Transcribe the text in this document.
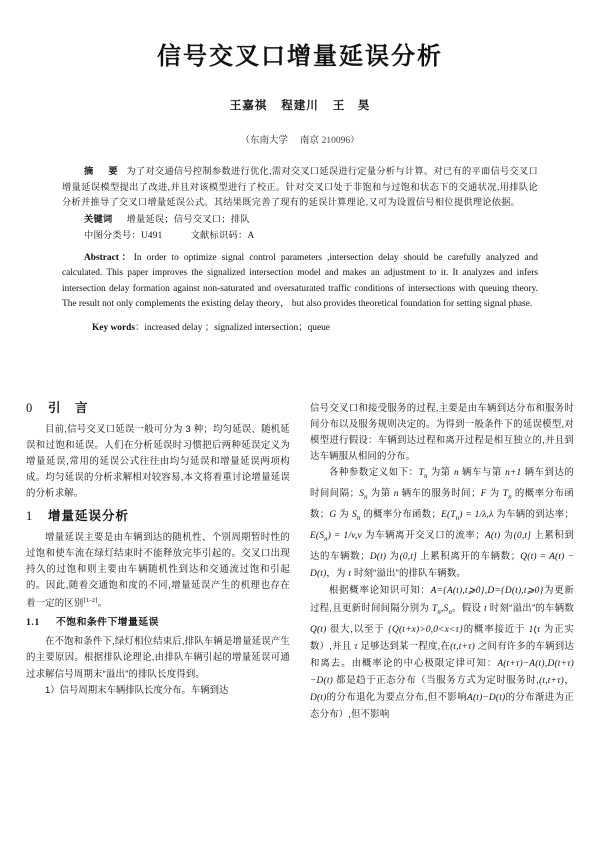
信号交叉口增量延误分析
王嘉祺 程建川 王　昊
（东南大学 南京 210096）
摘　要 为了对交通信号控制参数进行优化,需对交叉口延误进行定量分析与计算。对已有的平面信号交叉口增量延误模型提出了改进,并且对该模型进行了校正。针对交叉口处于非饱和与过饱和状态下的交通状况,用排队论分析并推导了交叉口增量延误公式。其结果既完善了现有的延误计算理论,又可为设置信号相位提供理论依据。
关键词 增量延误；信号交叉口；排队
中图分类号：U491	文献标识码：A
Abstract：In order to optimize signal control parameters ,intersection delay should be carefully analyzed and calculated. This paper improves the signalized intersection model and makes an adjustment to it. It analyzes and infers intersection delay formation against non-saturated and oversaturated traffic conditions of intersections with queuing theory. The result not only complements the existing delay theory， but also provides theoretical foundation for setting signal phase.
Key words：increased delay ；signalized intersection；queue
0	引　言

目前,信号交叉口延误一般可分为 3 种；均匀延误、随机延误和过饱和延误。人们在分析延误时习惯把后两种延误定义为增量延误,常用的延误公式往往由均匀延误和增量延误两项构成。均匀延误的分析求解相对较容易,本文将着重讨论增量延误的分析求解。

1	增量延误分析

增量延误主要是由车辆到达的随机性、个别周期暂时性的过饱和使车流在绿灯结束时不能释放完毕引起的。交叉口出现持久的过饱和则主要由车辆随机性到达和交通流过饱和引起的。因此,随着交通饱和度的不同,增量延误产生的机理也存在着一定的区别[1-2]。

1.1	不饱和条件下增量延误

在不饱和条件下,绿灯相位结束后,排队车辆是增量延误产生的主要原因。根据排队论理论,由排队车辆引起的增量延误可通过求解信号周期末“溢出”的排队长度得到。

1）信号周期末车辆排队长度分布。车辆到达

信号交叉口和接受服务的过程,主要是由车辆到达分布和服务时间分布以及服务规则决定的。为得到一般条件下的延误模型,对模型进行假设：车辆到达过程和离开过程是相互独立的,并且到达车辆服从相同的分布。

各种参数定义如下：$T_n$ 为第 n 辆车与第 n+1 辆车到达的时间间隔；$S_n$ 为第 n 辆车的服务时间；F 为 $T_n$ 的概率分布函数；G 为 $S_n$ 的概率分布函数；$E(T_n) = 1/\lambda,\lambda$ 为车辆的到达率；$E(S_n) = 1/v,v$ 为车辆离开交叉口的流率；A(t) 为(0,t] 上累积到达的车辆数；D(t) 为(0,t] 上累积离开的车辆数；Q(t) = A(t) − D(t)，为 t 时刻“溢出”的排队车辆数。

根据概率论知识可知：A={A(t),t⩾0},D={D(t),t⩾0}为更新过程,且更新时间间隔分别为 $T_n,S_n$。假设 t 时刻“溢出”的车辆数 Q(t) 很大,以至于 {Q(t+x)>0,0<x<τ}的概率接近于 1(τ 为正实数）,并且 τ 足够达到某一程度,在(t,t+τ) 之间有许多的车辆到达和离去。由概率论的中心极限定律可知：A(t+τ)−A(t),D(t+τ)−D(t) 都是趋于正态分布（当服务方式为定时服务时,(t,t+τ)，D(t)的分布退化为要点分布,但不影响A(t)−D(t)的分布渐进为正态分布）,但不影响
